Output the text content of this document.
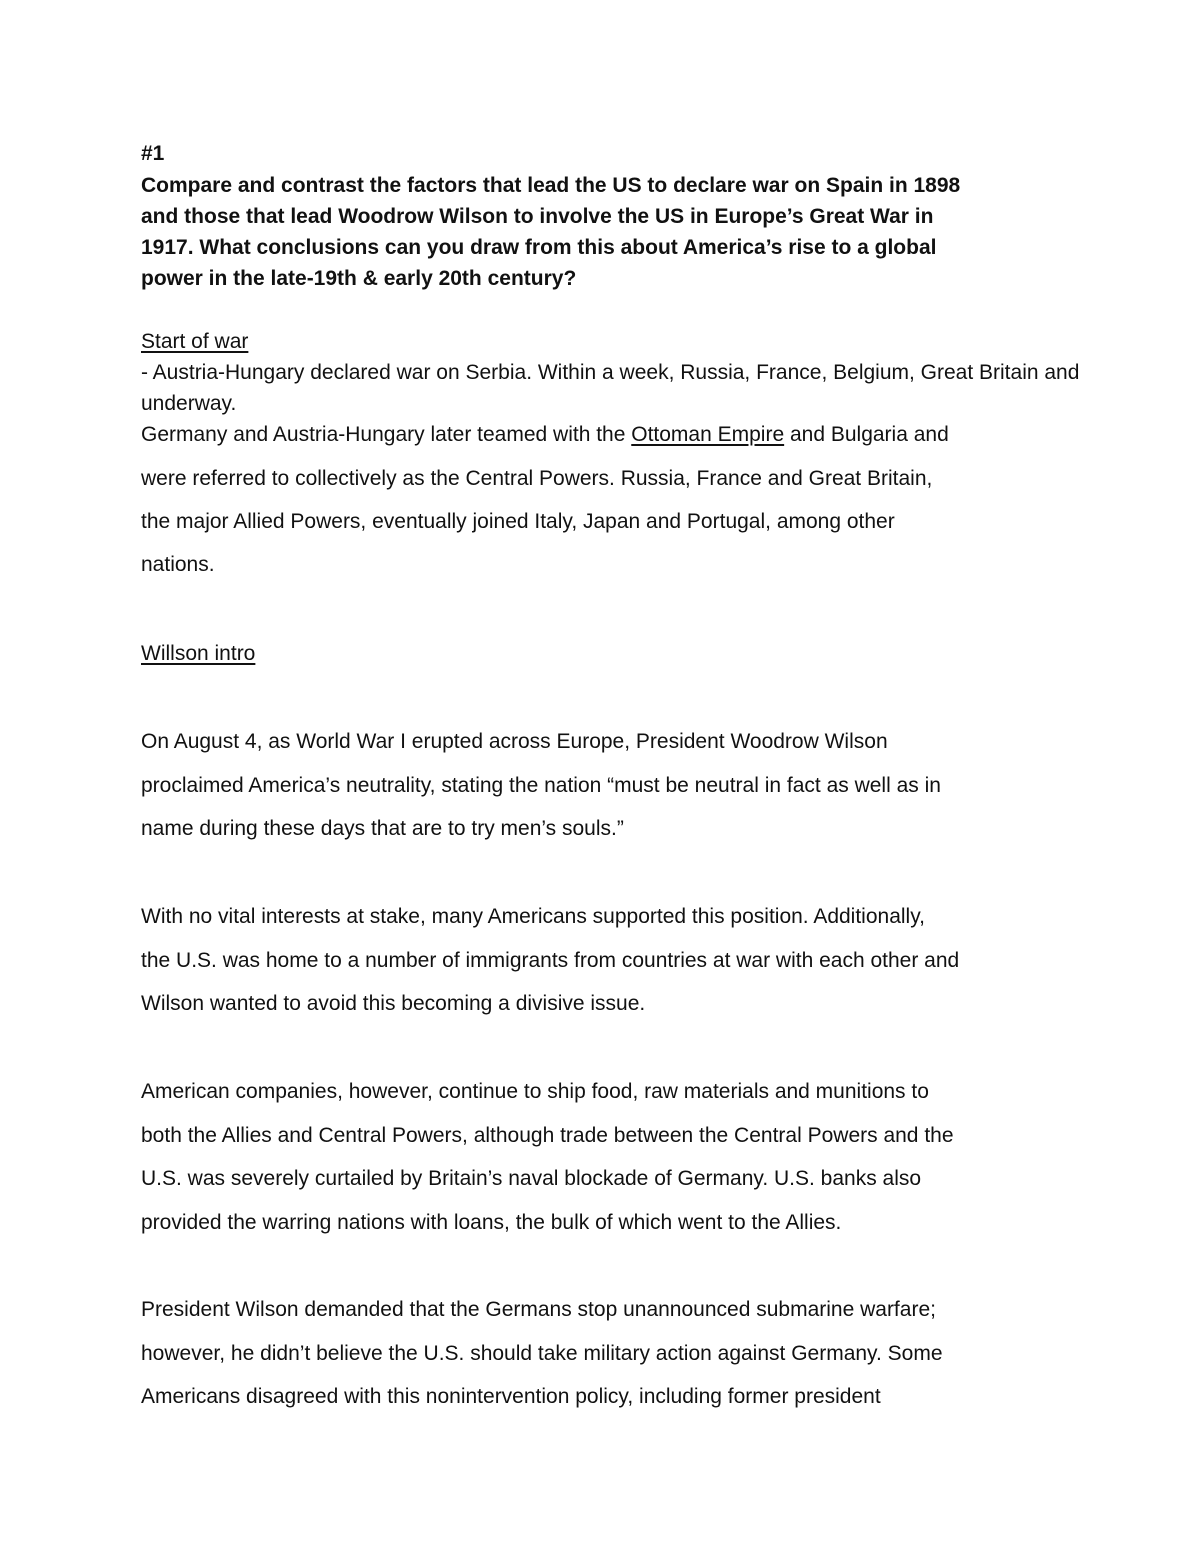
#1
Compare and contrast the factors that lead the US to declare war on Spain in 1898
and those that lead Woodrow Wilson to involve the US in Europe’s Great War in
1917. What conclusions can you draw from this about America’s rise to a global
power in the late-19th & early 20th century?
Start of war
- Austria-Hungary declared war on Serbia. Within a week, Russia, France, Belgium, Great Britain and
underway.
Germany and Austria-Hungary later teamed with the Ottoman Empire and Bulgaria and
were referred to collectively as the Central Powers. Russia, France and Great Britain,
the major Allied Powers, eventually joined Italy, Japan and Portugal, among other
nations.
Willson intro
On August 4, as World War I erupted across Europe, President Woodrow Wilson
proclaimed America’s neutrality, stating the nation “must be neutral in fact as well as in
name during these days that are to try men’s souls.”
With no vital interests at stake, many Americans supported this position. Additionally,
the U.S. was home to a number of immigrants from countries at war with each other and
Wilson wanted to avoid this becoming a divisive issue.
American companies, however, continue to ship food, raw materials and munitions to
both the Allies and Central Powers, although trade between the Central Powers and the
U.S. was severely curtailed by Britain’s naval blockade of Germany. U.S. banks also
provided the warring nations with loans, the bulk of which went to the Allies.
President Wilson demanded that the Germans stop unannounced submarine warfare;
however, he didn’t believe the U.S. should take military action against Germany. Some
Americans disagreed with this nonintervention policy, including former president
